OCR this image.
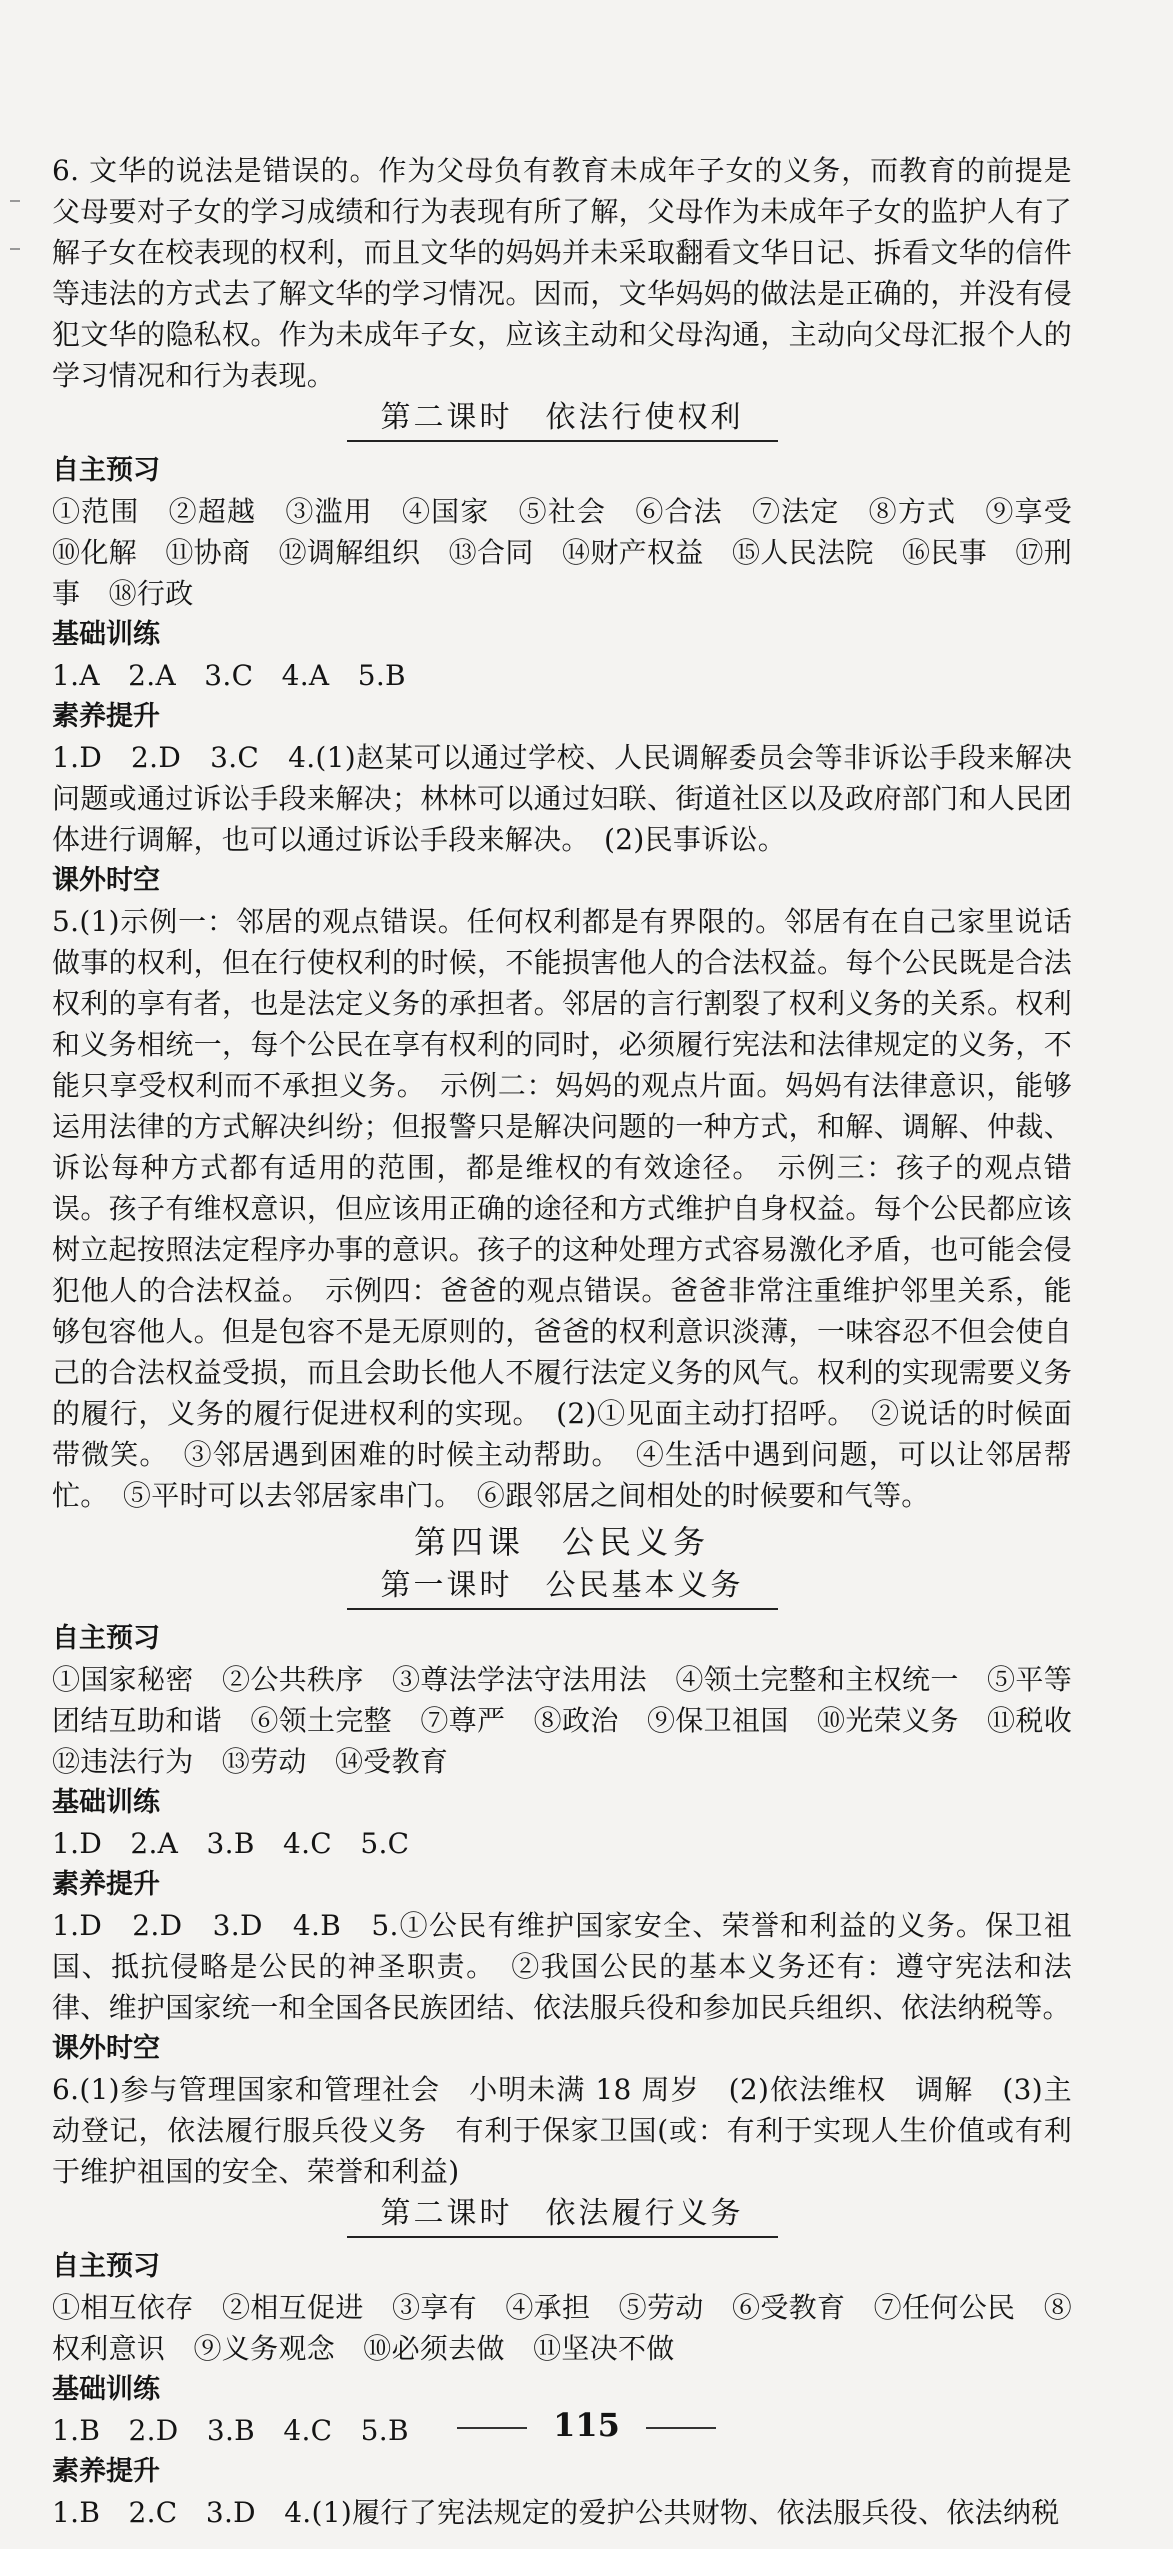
6. 文华的说法是错误的。作为父母负有教育未成年子女的义务，而教育的前提是父母要对子女的学习成绩和行为表现有所了解，父母作为未成年子女的监护人有了解子女在校表现的权利，而且文华的妈妈并未采取翻看文华日记、拆看文华的信件等违法的方式去了解文华的学习情况。因而，文华妈妈的做法是正确的，并没有侵犯文华的隐私权。作为未成年子女，应该主动和父母沟通，主动向父母汇报个人的学习情况和行为表现。

第二课时　依法行使权利

自主预习

①范围　②超越　③滥用　④国家　⑤社会　⑥合法　⑦法定　⑧方式　⑨享受　⑩化解　⑪协商　⑫调解组织　⑬合同　⑭财产权益　⑮人民法院　⑯民事　⑰刑事　⑱行政

基础训练

1.A　2.A　3.C　4.A　5.B

素养提升

1.D　2.D　3.C　4.(1)赵某可以通过学校、人民调解委员会等非诉讼手段来解决问题或通过诉讼手段来解决；林林可以通过妇联、街道社区以及政府部门和人民团体进行调解，也可以通过诉讼手段来解决。　(2)民事诉讼。

课外时空

5.(1)示例一：邻居的观点错误。任何权利都是有界限的。邻居有在自己家里说话做事的权利，但在行使权利的时候，不能损害他人的合法权益。每个公民既是合法权利的享有者，也是法定义务的承担者。邻居的言行割裂了权利义务的关系。权利和义务相统一，每个公民在享有权利的同时，必须履行宪法和法律规定的义务，不能只享受权利而不承担义务。　示例二：妈妈的观点片面。妈妈有法律意识，能够运用法律的方式解决纠纷；但报警只是解决问题的一种方式，和解、调解、仲裁、诉讼每种方式都有适用的范围，都是维权的有效途径。　示例三：孩子的观点错误。孩子有维权意识，但应该用正确的途径和方式维护自身权益。每个公民都应该树立起按照法定程序办事的意识。孩子的这种处理方式容易激化矛盾，也可能会侵犯他人的合法权益。　示例四：爸爸的观点错误。爸爸非常注重维护邻里关系，能够包容他人。但是包容不是无原则的，爸爸的权利意识淡薄，一味容忍不但会使自己的合法权益受损，而且会助长他人不履行法定义务的风气。权利的实现需要义务的履行，义务的履行促进权利的实现。　(2)①见面主动打招呼。　②说话的时候面带微笑。　③邻居遇到困难的时候主动帮助。　④生活中遇到问题，可以让邻居帮忙。　⑤平时可以去邻居家串门。　⑥跟邻居之间相处的时候要和气等。

第四课　公民义务
第一课时　公民基本义务

自主预习

①国家秘密　②公共秩序　③尊法学法守法用法　④领土完整和主权统一　⑤平等团结互助和谐　⑥领土完整　⑦尊严　⑧政治　⑨保卫祖国　⑩光荣义务　⑪税收　⑫违法行为　⑬劳动　⑭受教育

基础训练

1.D　2.A　3.B　4.C　5.C

素养提升

1.D　2.D　3.D　4.B　5.①公民有维护国家安全、荣誉和利益的义务。保卫祖国、抵抗侵略是公民的神圣职责。　②我国公民的基本义务还有：遵守宪法和法律、维护国家统一和全国各民族团结、依法服兵役和参加民兵组织、依法纳税等。

课外时空

6.(1)参与管理国家和管理社会　小明未满 18 周岁　(2)依法维权　调解　(3)主动登记，依法履行服兵役义务　有利于保家卫国(或：有利于实现人生价值或有利于维护祖国的安全、荣誉和利益)

第二课时　依法履行义务

自主预习

①相互依存　②相互促进　③享有　④承担　⑤劳动　⑥受教育　⑦任何公民　⑧权利意识　⑨义务观念　⑩必须去做　⑪坚决不做

基础训练

1.B　2.D　3.B　4.C　5.B

素养提升

1.B　2.C　3.D　4.(1)履行了宪法规定的爱护公共财物、依法服兵役、依法纳税

115
